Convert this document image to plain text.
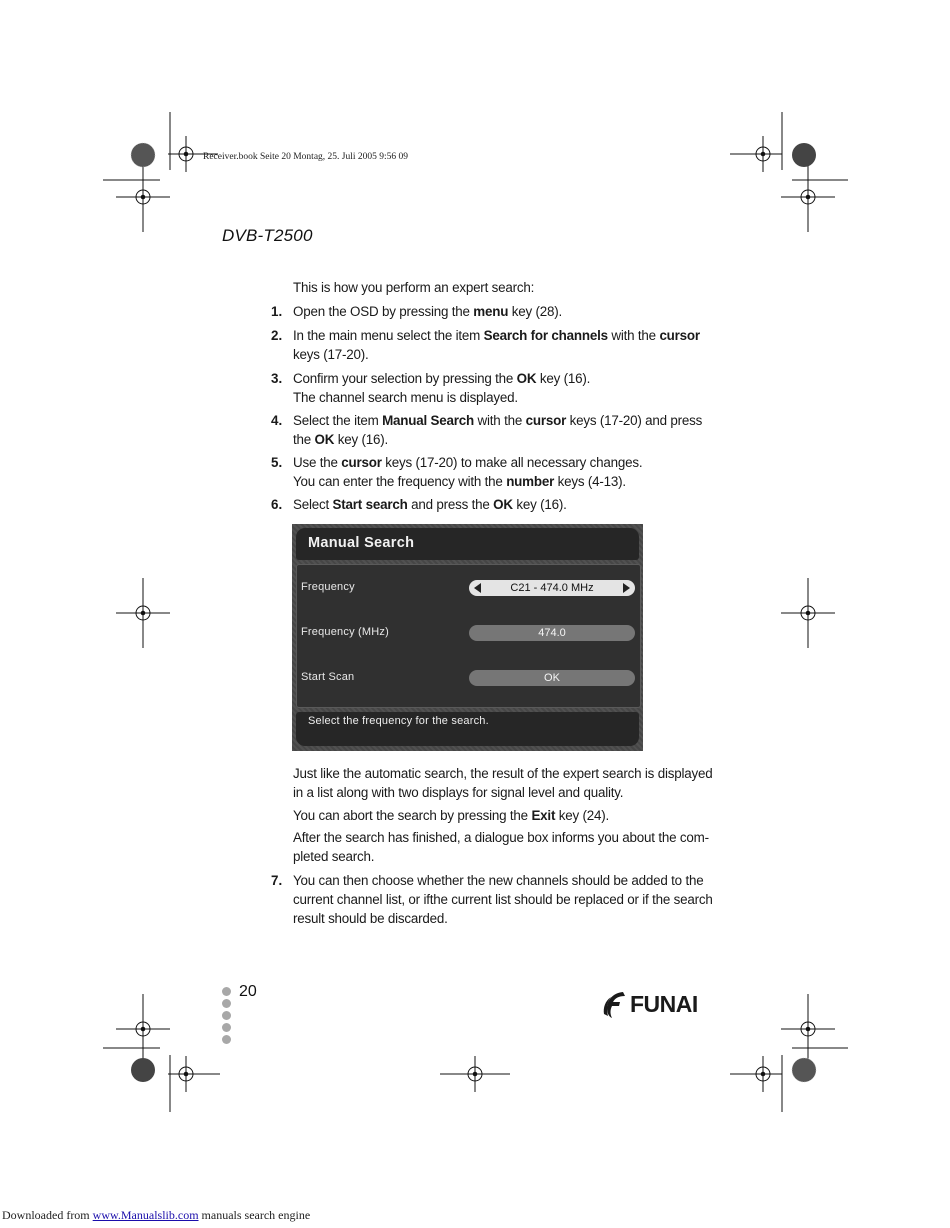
Receiver.book Seite 20 Montag, 25. Juli 2005 9:56 09
DVB-T2500
This is how you perform an expert search:
1. Open the OSD by pressing the menu key (28).
2. In the main menu select the item Search for channels with the cursor
keys (17-20).
3. Confirm your selection by pressing the OK key (16).
The channel search menu is displayed.
4. Select the item Manual Search with the cursor keys (17-20) and press
the OK key (16).
5. Use the cursor keys (17-20) to make all necessary changes.
You can enter the frequency with the number keys (4-13).
6. Select Start search and press the OK key (16).
Manual Search
Frequency	C21 - 474.0 MHz
Frequency (MHz)	474.0
Start Scan	OK
Select the frequency for the search.
Just like the automatic search, the result of the expert search is displayed
in a list along with two displays for signal level and quality.
You can abort the search by pressing the Exit key (24).
After the search has finished, a dialogue box informs you about the com-
pleted search.
7. You can then choose whether the new channels should be added to the
current channel list, or ifthe current list should be replaced or if the search
result should be discarded.
20	FUNAI
Downloaded from www.Manualslib.com manuals search engine
